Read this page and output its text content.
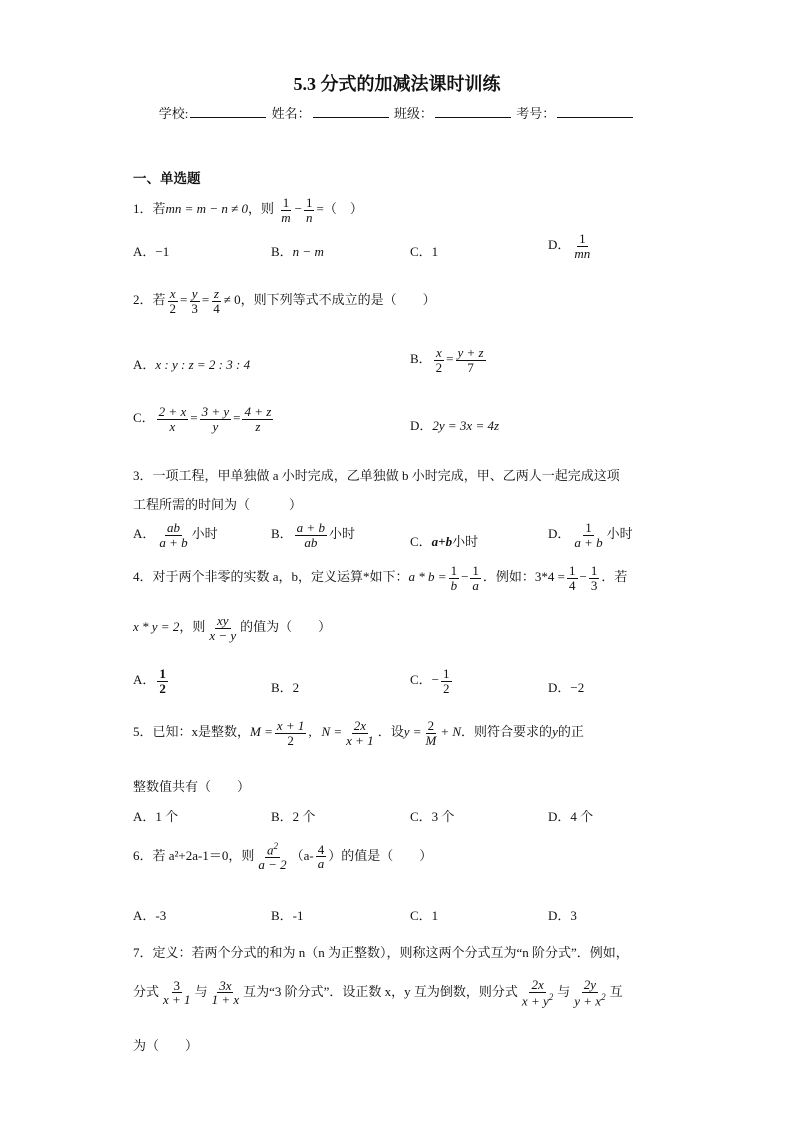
5.3 分式的加减法课时训练
学校:	姓名：	班级：	考号：
一、单选题
1．若mn = m − n ≠ 0，则 $\frac{1}{m} - \frac{1}{n}$ =（　）
A．−1	B．n − m	C．1	D． $\frac{1}{mn}$
2．若 $\frac{x}{2} = \frac{y}{3} = \frac{z}{4} \ne 0$，则下列等式不成立的是（　　）
A．x : y : z = 2 : 3 : 4	B． $\frac{x}{2} = \frac{y + z}{7}$
C． $\frac{2 + x}{x} = \frac{3 + y}{y} = \frac{4 + z}{z}$	D．2y = 3x = 4z
3．一项工程，甲单独做 a 小时完成，乙单独做 b 小时完成，甲、乙两人一起完成这项
工程所需的时间为（　　　）
A． $\frac{ab}{a + b}$ 小时	B． $\frac{a + b}{ab}$ 小时
C．a+b小时
D． $\frac{1}{a + b}$ 小时
4．对于两个非零的实数 a，b，定义运算*如下：$a * b = \frac{1}{b} - \frac{1}{a}$ ．例如：$3*4 = \frac{1}{4} - \frac{1}{3}$ ．若
x * y = 2，则 $\frac{xy}{x - y}$ 的值为（　　）
A． $\frac{1}{2}$	B．2
C．− $\frac{1}{2}$	D．−2
5．已知：x是整数，$M = \frac{x + 1}{2}$ ,   $N = \frac{2x}{x + 1}$ ．设$y = \frac{2}{M} + N$．则符合要求的y的正
整数值共有（　　）
A．1 个	B．2 个	C．3 个	D．4 个
6．若 a²+2a-1＝0，则 $\frac{a^2}{a - 2} (a- \frac{4}{a}$ ）的值是（　　）
A．-3	B．-1	C．1	D．3
7．定义：若两个分式的和为 n（n 为正整数），则称这两个分式互为“n 阶分式”．例如，
分式 $\frac{3}{x + 1}$ 与 $\frac{3x}{1 + x}$ 互为“3 阶分式”．设正数 x，y 互为倒数，则分式 $\frac{2x}{x + y^2}$ 与 $\frac{2y}{y + x^2}$ 互
为（　　）
